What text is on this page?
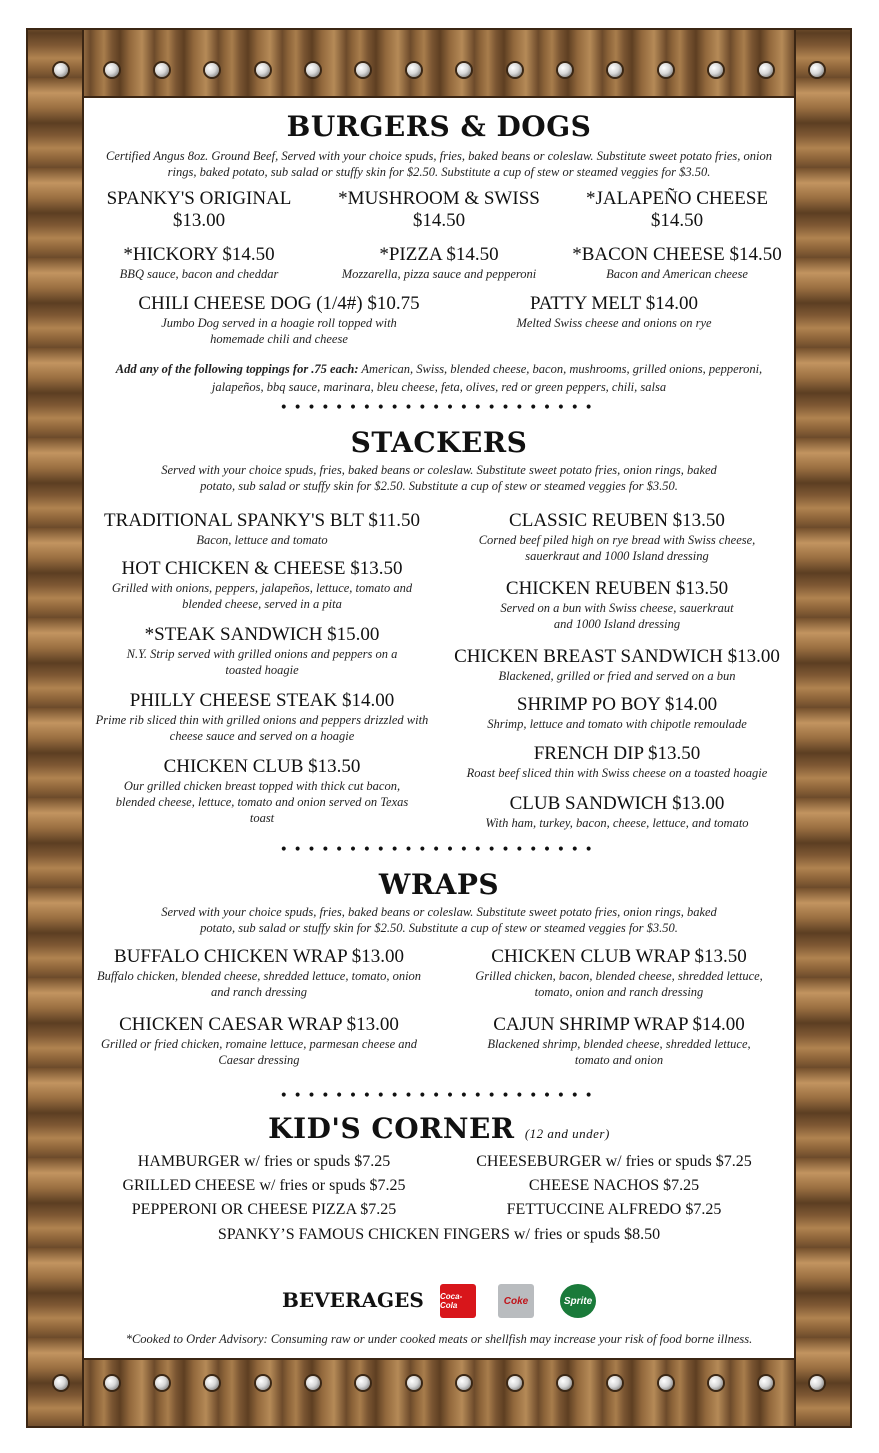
BURGERS & DOGS
Certified Angus 8oz. Ground Beef, Served with your choice spuds, fries, baked beans or coleslaw. Substitute sweet potato fries, onion rings, baked potato, sub salad or stuffy skin for $2.50. Substitute a cup of stew or steamed veggies for $3.50.
SPANKY'S ORIGINAL
$13.00
*MUSHROOM & SWISS
$14.50
*JALAPEÑO CHEESE
$14.50
*HICKORY $14.50
BBQ sauce, bacon and cheddar
*PIZZA $14.50
Mozzarella, pizza sauce and pepperoni
*BACON CHEESE $14.50
Bacon and American cheese
CHILI CHEESE DOG (1/4#) $10.75
Jumbo Dog served in a hoagie roll topped with homemade chili and cheese
PATTY MELT $14.00
Melted Swiss cheese and onions on rye
Add any of the following toppings for .75 each: American, Swiss, blended cheese, bacon, mushrooms, grilled onions, pepperoni, jalapeños, bbq sauce, marinara, bleu cheese, feta, olives, red or green peppers, chili, salsa
•••••••••••••••••••••••
STACKERS
Served with your choice spuds, fries, baked beans or coleslaw. Substitute sweet potato fries, onion rings, baked potato, sub salad or stuffy skin for $2.50. Substitute a cup of stew or steamed veggies for $3.50.
TRADITIONAL SPANKY'S BLT $11.50
Bacon, lettuce and tomato
HOT CHICKEN & CHEESE $13.50
Grilled with onions, peppers, jalapeños, lettuce, tomato and blended cheese, served in a pita
*STEAK SANDWICH $15.00
N.Y. Strip served with grilled onions and peppers on a toasted hoagie
PHILLY CHEESE STEAK $14.00
Prime rib sliced thin with grilled onions and peppers drizzled with cheese sauce and served on a hoagie
CHICKEN CLUB $13.50
Our grilled chicken breast topped with thick cut bacon, blended cheese, lettuce, tomato and onion served on Texas toast
CLASSIC REUBEN $13.50
Corned beef piled high on rye bread with Swiss cheese, sauerkraut and 1000 Island dressing
CHICKEN REUBEN $13.50
Served on a bun with Swiss cheese, sauerkraut and 1000 Island dressing
CHICKEN BREAST SANDWICH $13.00
Blackened, grilled or fried and served on a bun
SHRIMP PO BOY $14.00
Shrimp, lettuce and tomato with chipotle remoulade
FRENCH DIP $13.50
Roast beef sliced thin with Swiss cheese on a toasted hoagie
CLUB SANDWICH $13.00
With ham, turkey, bacon, cheese, lettuce, and tomato
•••••••••••••••••••••••
WRAPS
Served with your choice spuds, fries, baked beans or coleslaw. Substitute sweet potato fries, onion rings, baked potato, sub salad or stuffy skin for $2.50. Substitute a cup of stew or steamed veggies for $3.50.
BUFFALO CHICKEN WRAP $13.00
Buffalo chicken, blended cheese, shredded lettuce, tomato, onion and ranch dressing
CHICKEN CLUB WRAP $13.50
Grilled chicken, bacon, blended cheese, shredded lettuce, tomato, onion and ranch dressing
CHICKEN CAESAR WRAP $13.00
Grilled or fried chicken, romaine lettuce, parmesan cheese and Caesar dressing
CAJUN SHRIMP WRAP $14.00
Blackened shrimp, blended cheese, shredded lettuce, tomato and onion
•••••••••••••••••••••••
KID'S CORNER (12 and under)
HAMBURGER w/ fries or spuds $7.25	CHEESEBURGER w/ fries or spuds $7.25
GRILLED CHEESE w/ fries or spuds $7.25	CHEESE NACHOS $7.25
PEPPERONI OR CHEESE PIZZA $7.25	FETTUCCINE ALFREDO $7.25
SPANKY’S FAMOUS CHICKEN FINGERS w/ fries or spuds $8.50
BEVERAGES Coca-Cola	Coke	Sprite
*Cooked to Order Advisory: Consuming raw or under cooked meats or shellfish may increase your risk of food borne illness.
